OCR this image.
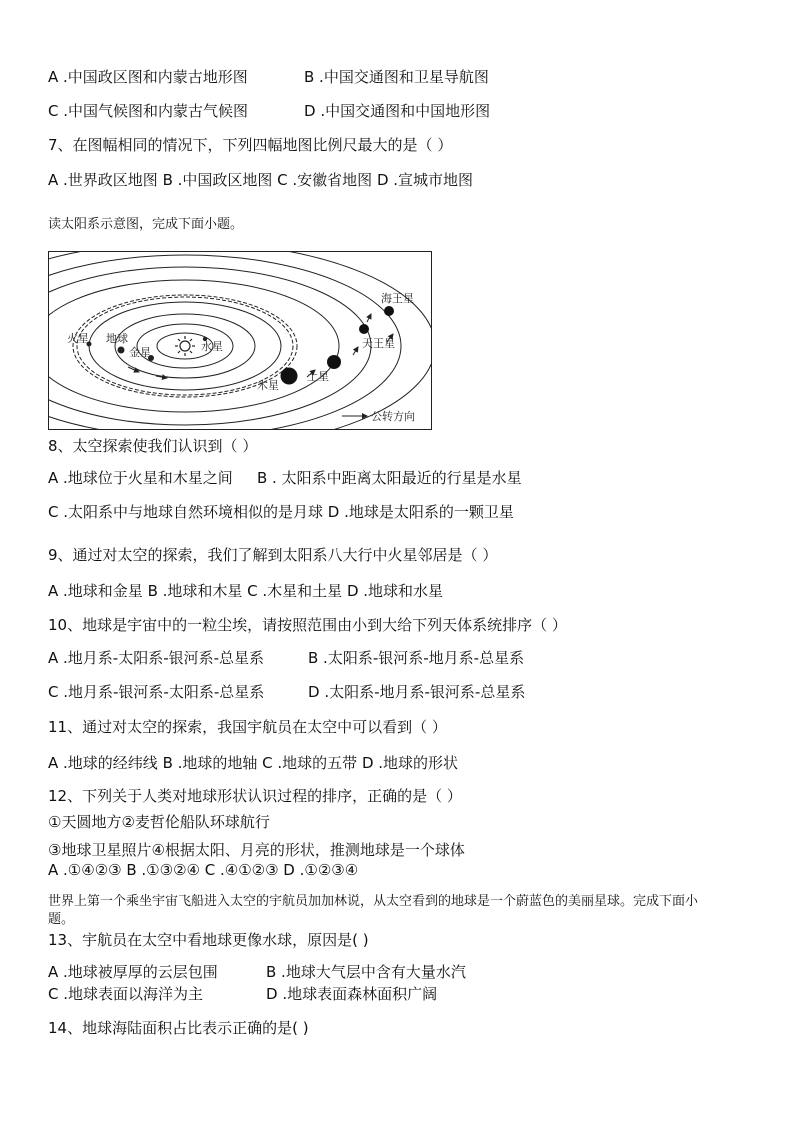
A .中国政区图和内蒙古地形图	B .中国交通图和卫星导航图
C .中国气候图和内蒙古气候图	D .中国交通图和中国地形图
7、在图幅相同的情况下，下列四幅地图比例尺最大的是（ ）
A .世界政区地图 B .中国政区地图 C .安徽省地图 D .宣城市地图
读太阳系示意图，完成下面小题。
海王星
天王星
土星
木星
火星 地球
金星	水星
公转方向
8、太空探索使我们认识到（ ）
A .地球位于火星和木星之间 B . 太阳系中距离太阳最近的行星是水星
C .太阳系中与地球自然环境相似的是月球 D .地球是太阳系的一颗卫星
9、通过对太空的探索，我们了解到太阳系八大行中火星邻居是（ ）
A .地球和金星 B .地球和木星 C .木星和土星 D .地球和水星
10、地球是宇宙中的一粒尘埃，请按照范围由小到大给下列天体系统排序（ ）
A .地月系-太阳系-银河系-总星系	B .太阳系-银河系-地月系-总星系
C .地月系-银河系-太阳系-总星系	D .太阳系-地月系-银河系-总星系
11、通过对太空的探索，我国宇航员在太空中可以看到（ ）
A .地球的经纬线 B .地球的地轴 C .地球的五带 D .地球的形状
12、下列关于人类对地球形状认识过程的排序，正确的是（ ）
①天圆地方②麦哲伦船队环球航行
③地球卫星照片④根据太阳、月亮的形状，推测地球是一个球体
A .①④②③ B .①③②④ C .④①②③ D .①②③④
世界上第一个乘坐宇宙飞船进入太空的宇航员加加林说，从太空看到的地球是一个蔚蓝色的美丽星球。完成下面小
题。
13、宇航员在太空中看地球更像水球，原因是( )
A .地球被厚厚的云层包围	B .地球大气层中含有大量水汽
C .地球表面以海洋为主	D .地球表面森林面积广阔
14、地球海陆面积占比表示正确的是( )
